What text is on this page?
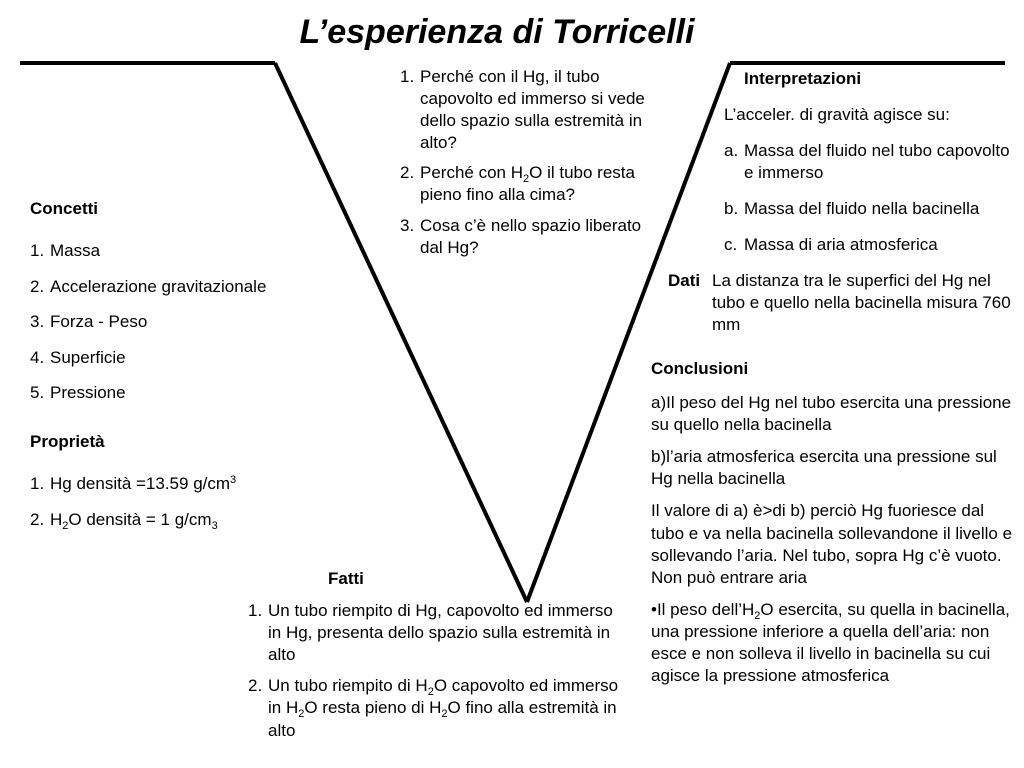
L’esperienza di Torricelli
1. Perché con il Hg, il tubo capovolto ed immerso si vede dello spazio sulla estremità in alto?
2. Perché con $H_2O$ il tubo resta pieno fino alla cima?
3. Cosa c’è nello spazio liberato dal Hg?
Concetti
1. Massa
2. Accelerazione gravitazionale
3. Forza - Peso
4. Superficie
5. Pressione
Proprietà
1. Hg densità =13.59 $g/cm^3$
2. $H_2O$ densità = 1 $g/cm_3$
Fatti
1. Un tubo riempito di Hg, capovolto ed immerso in Hg, presenta dello spazio sulla estremità in alto
2. Un tubo riempito di $H_2O$ capovolto ed immerso in $H_2O$ resta pieno di $H_2O$ fino alla estremità in alto
Interpretazioni
L’acceler. di gravità agisce su:
a. Massa del fluido nel tubo capovolto e immerso
b. Massa del fluido nella bacinella
c. Massa di aria atmosferica
Dati La distanza tra le superfici del Hg nel tubo e quello nella bacinella misura 760 mm
Conclusioni

a)Il peso del Hg nel tubo esercita una pressione su quello nella bacinella

b)l’aria atmosferica esercita una pressione sul Hg nella bacinella

Il valore di a) è>di b) perciò Hg fuoriesce dal tubo e va nella bacinella sollevandone il livello e sollevando l’aria. Nel tubo, sopra Hg c’è vuoto. Non può entrare aria

•Il peso $dell’H_2O$ esercita, su quella in bacinella, una pressione inferiore a quella dell’aria: non esce e non solleva il livello in bacinella su cui agisce la pressione atmosferica
